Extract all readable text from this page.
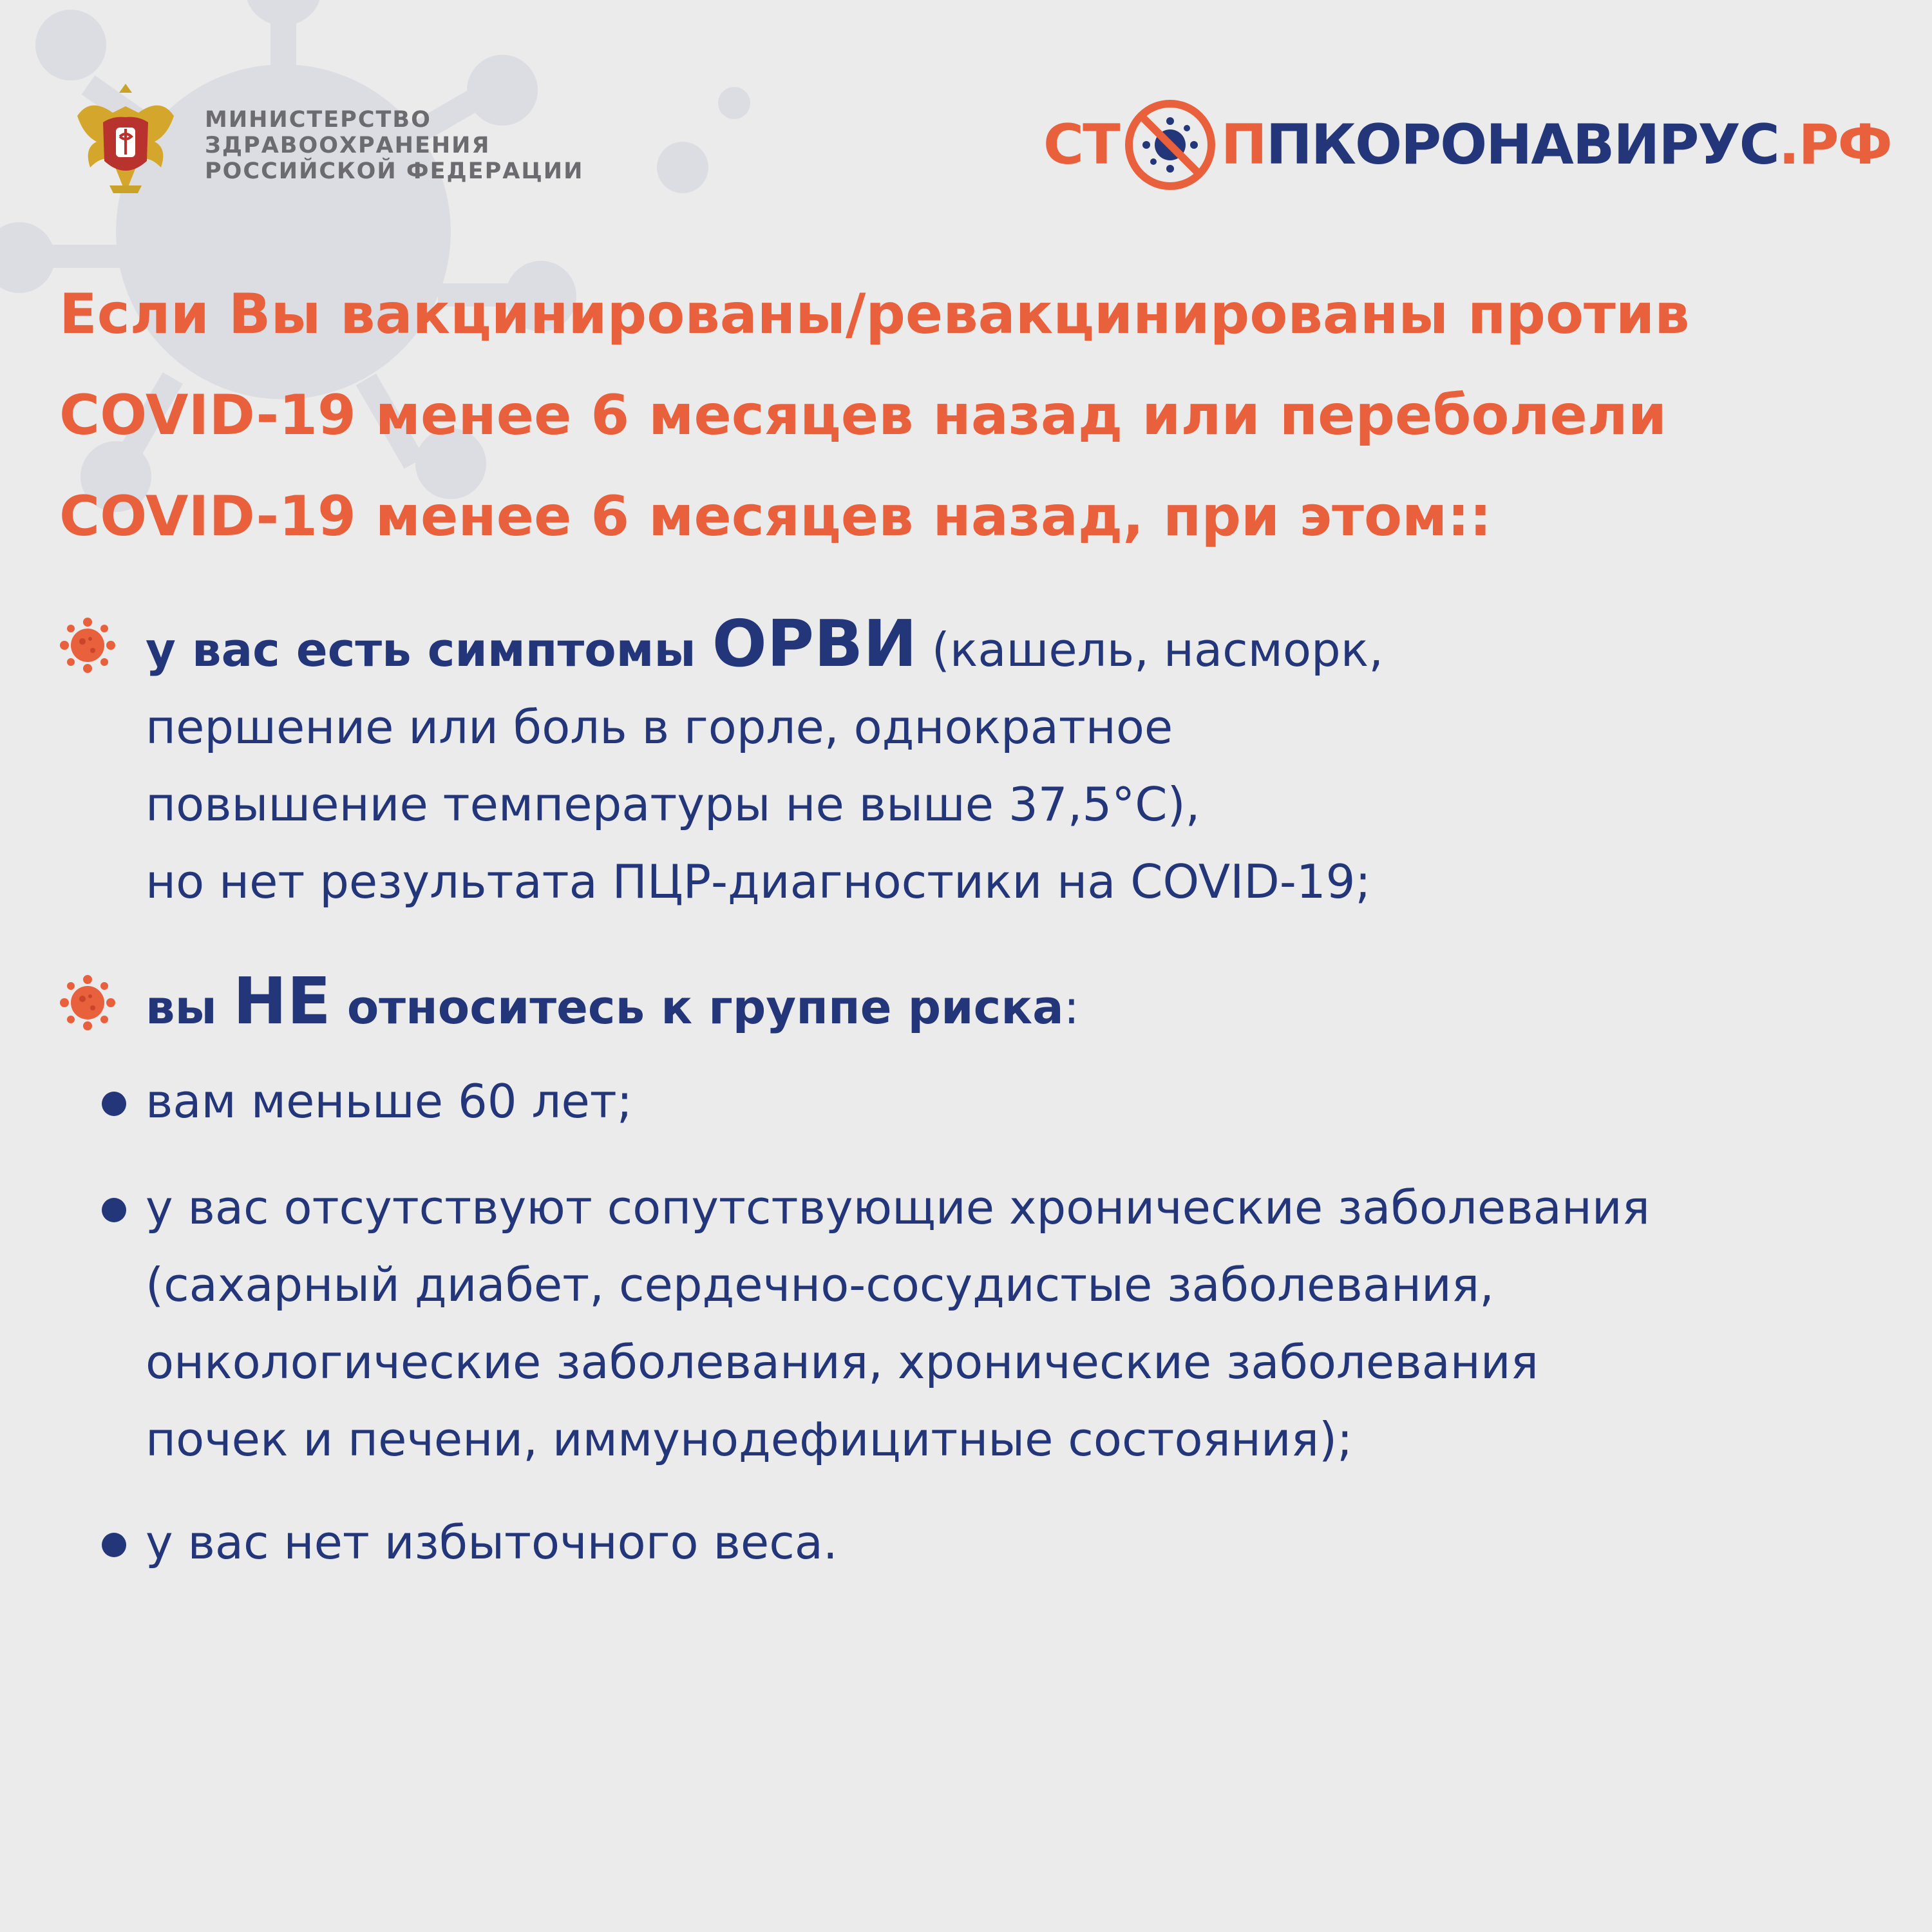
МИНИСТЕРСТВО
ЗДРАВООХРАНЕНИЯ
РОССИЙСКОЙ ФЕДЕРАЦИИ	СТ П ПКОРОНАВИРУС .РФ
Если Вы вакцинированы/ревакцинированы против
COVID-19 менее 6 месяцев назад или переболели
COVID-19 менее 6 месяцев назад, при этом::
у вас есть симптомы ОРВИ (кашель, насморк,
першение или боль в горле, однократное
повышение температуры не выше 37,5°С),
но нет результата ПЦР-диагностики на COVID-19;
вы НЕ относитесь к группе риска:
вам меньше 60 лет;
у вас отсутствуют сопутствующие хронические заболевания
(сахарный диабет, сердечно-сосудистые заболевания,
онкологические заболевания, хронические заболевания
почек и печени, иммунодефицитные состояния);
у вас нет избыточного веса.
